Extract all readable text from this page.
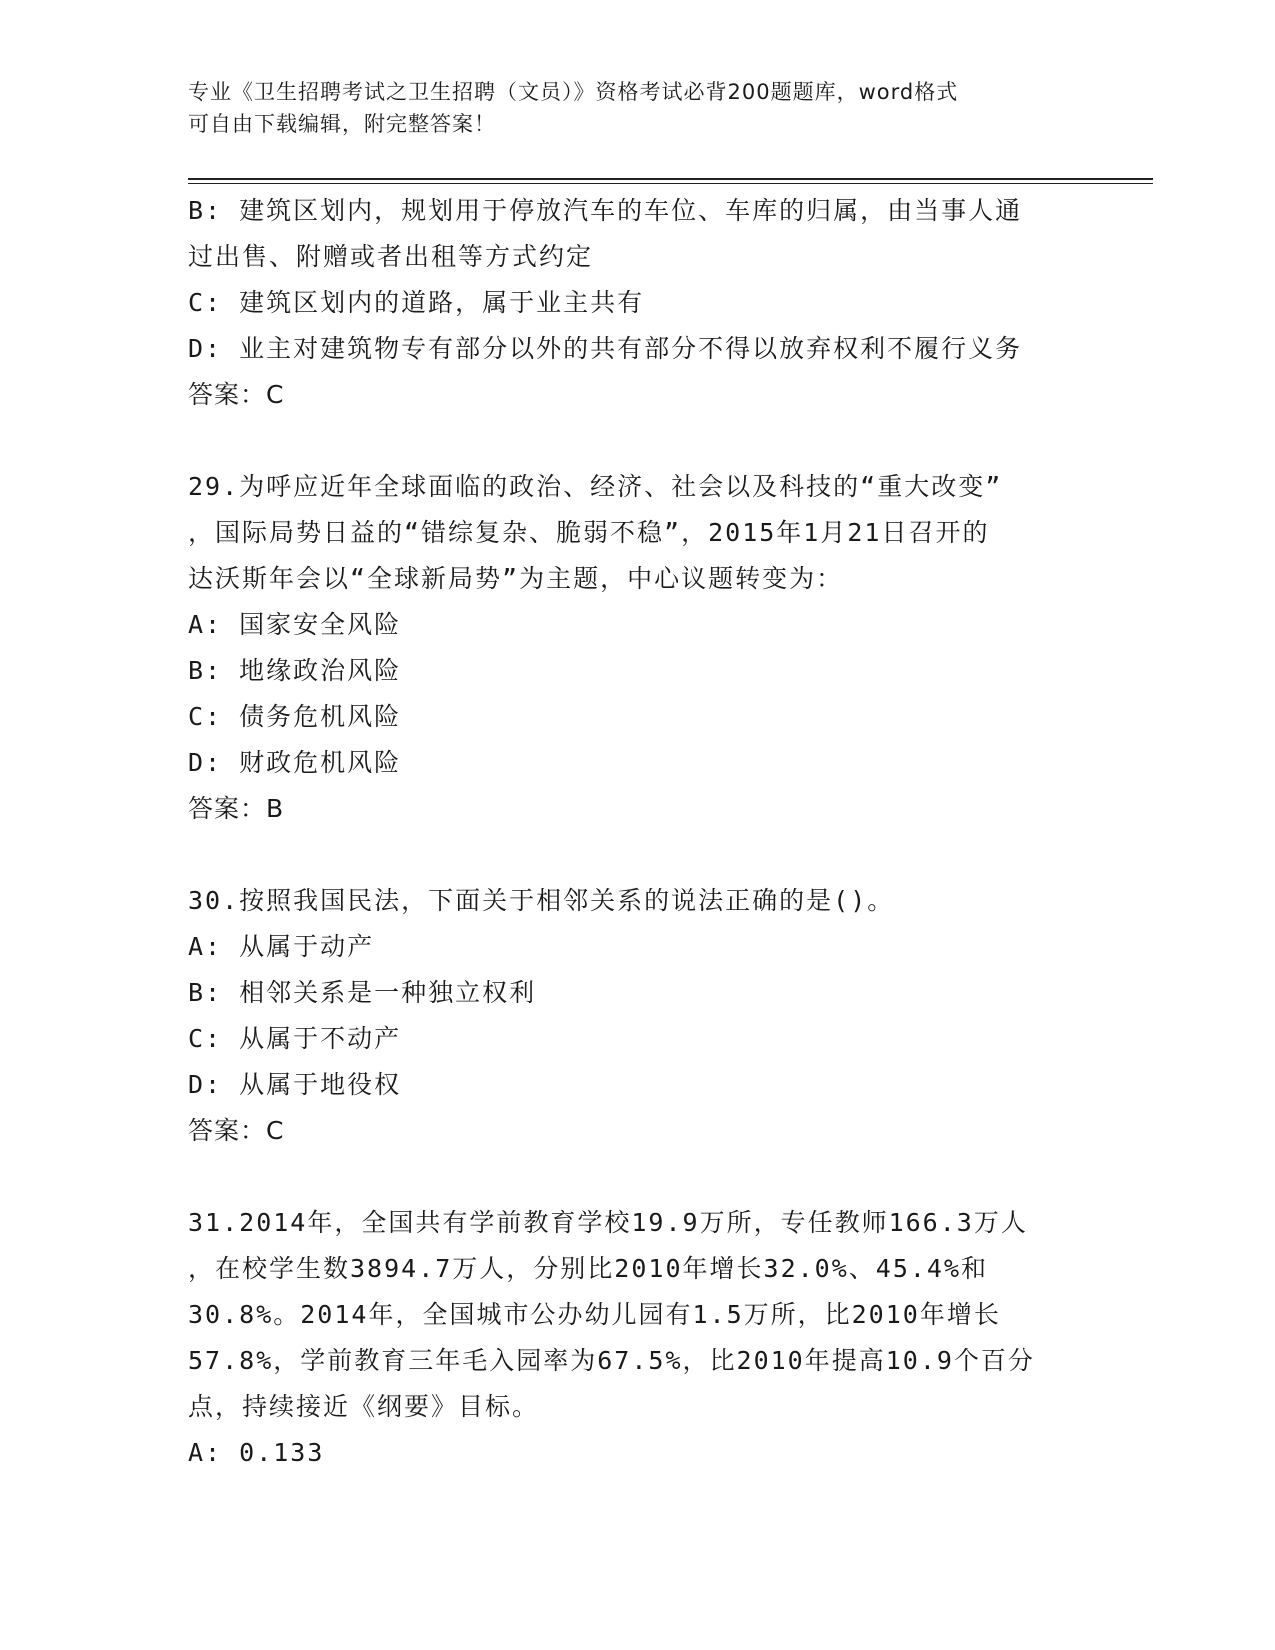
专业《卫生招聘考试之卫生招聘（文员）》资格考试必背200题题库，word格式
可自由下载编辑，附完整答案！
B: 建筑区划内，规划用于停放汽车的车位、车库的归属，由当事人通
过出售、附赠或者出租等方式约定
C: 建筑区划内的道路，属于业主共有
D: 业主对建筑物专有部分以外的共有部分不得以放弃权利不履行义务
答案：C
29.为呼应近年全球面临的政治、经济、社会以及科技的“重大改变”
，国际局势日益的“错综复杂、脆弱不稳”，2015年1月21日召开的
达沃斯年会以“全球新局势”为主题，中心议题转变为：
A: 国家安全风险
B: 地缘政治风险
C: 债务危机风险
D: 财政危机风险
答案：B
30.按照我国民法，下面关于相邻关系的说法正确的是()。
A: 从属于动产
B: 相邻关系是一种独立权利
C: 从属于不动产
D: 从属于地役权
答案：C
31.2014年，全国共有学前教育学校19.9万所，专任教师166.3万人
，在校学生数3894.7万人，分别比2010年增长32.0%、45.4%和
30.8%。2014年，全国城市公办幼儿园有1.5万所，比2010年增长
57.8%，学前教育三年毛入园率为67.5%，比2010年提高10.9个百分
点，持续接近《纲要》目标。
A: 0.133
